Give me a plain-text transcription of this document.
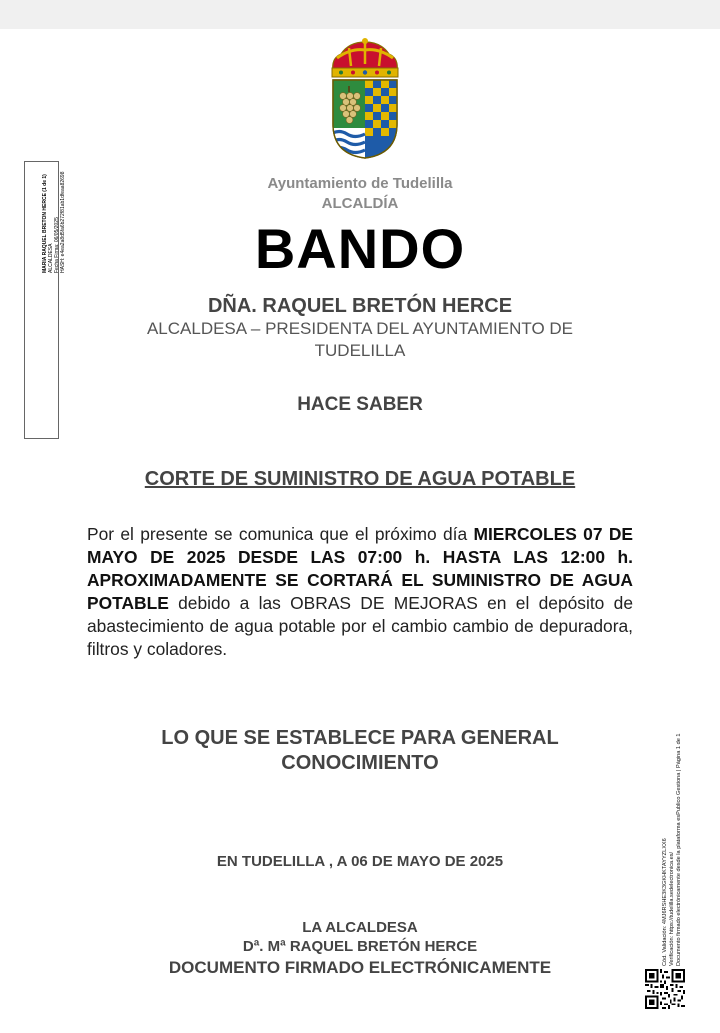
MARIA RAQUEL BRETON HERCE (1 de 1) ALCALDESA Fecha Firma: 06/05/2025 HASH: e4ea2a8d5fa6b272f81ab1dfeaa82698	Ayuntamiento de Tudelilla
ALCALDÍA
BANDO
DÑA. RAQUEL BRETÓN HERCE
ALCALDESA – PRESIDENTA DEL AYUNTAMIENTO DE TUDELILLA
HACE SABER
CORTE DE SUMINISTRO DE AGUA POTABLE
Por el presente se comunica que el próximo día MIERCOLES 07 DE MAYO DE 2025 DESDE LAS 07:00 h. HASTA LAS 12:00 h. APROXIMADAMENTE SE CORTARÁ EL SUMINISTRO DE AGUA POTABLE debido a las OBRAS DE MEJORAS en el depósito de abastecimiento de agua potable por el cambio cambio de depuradora, filtros y coladores.
LO QUE SE ESTABLECE PARA GENERAL CONOCIMIENTO
EN TUDELILLA , A 06 DE MAYO DE 2025
LA ALCALDESA
Dª. Mª RAQUEL BRETÓN HERCE
DOCUMENTO FIRMADO ELECTRÓNICAMENTE
Cód. Validación: 4MJ6RSHE3K3GKHKTAYYZLXX6 Verificación: https://tudelilla.sedelectronica.es/ Documento firmado electrónicamente desde la plataforma esPublico Gestiona | Página 1 de 1
